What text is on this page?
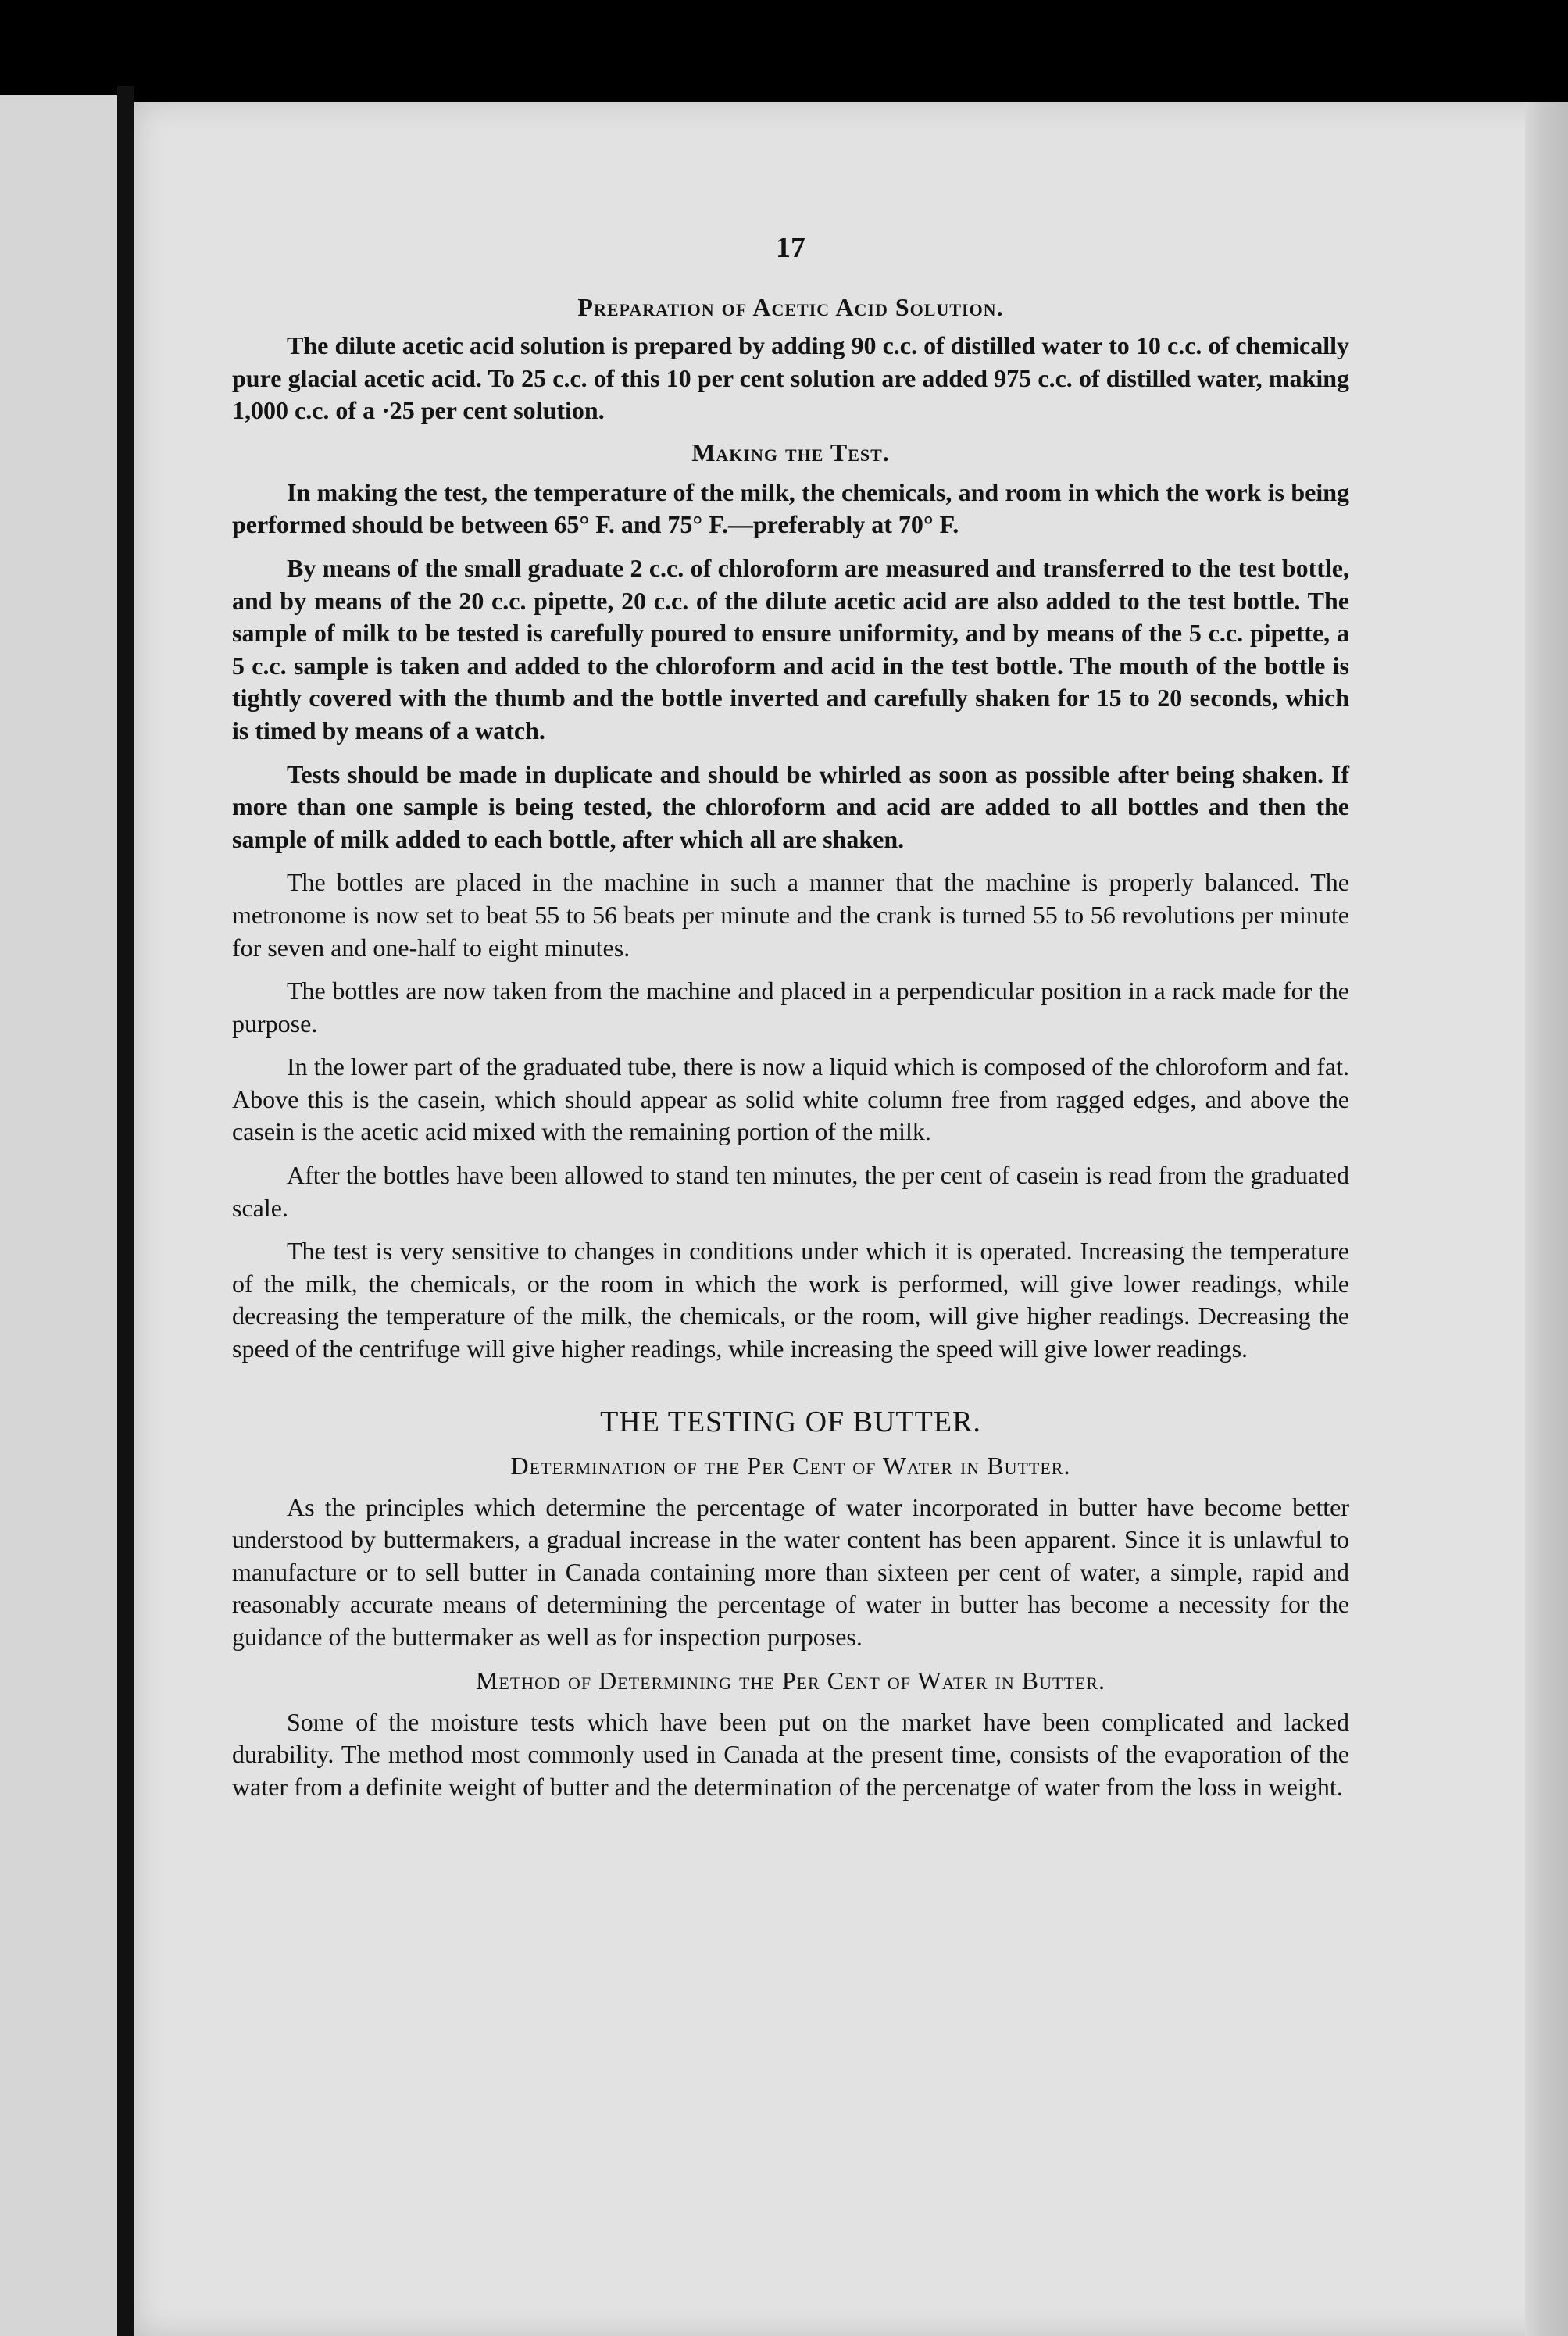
17
Preparation of Acetic Acid Solution.

The dilute acetic acid solution is prepared by adding 90 c.c. of distilled water to 10 c.c. of chemically pure glacial acetic acid. To 25 c.c. of this 10 per cent solution are added 975 c.c. of distilled water, making 1,000 c.c. of a ·25 per cent solution.

Making the Test.

In making the test, the temperature of the milk, the chemicals, and room in which the work is being performed should be between 65° F. and 75° F.—preferably at 70° F.

By means of the small graduate 2 c.c. of chloroform are measured and transferred to the test bottle, and by means of the 20 c.c. pipette, 20 c.c. of the dilute acetic acid are also added to the test bottle. The sample of milk to be tested is carefully poured to ensure uniformity, and by means of the 5 c.c. pipette, a 5 c.c. sample is taken and added to the chloroform and acid in the test bottle. The mouth of the bottle is tightly covered with the thumb and the bottle inverted and carefully shaken for 15 to 20 seconds, which is timed by means of a watch.

Tests should be made in duplicate and should be whirled as soon as possible after being shaken. If more than one sample is being tested, the chloroform and acid are added to all bottles and then the sample of milk added to each bottle, after which all are shaken.

The bottles are placed in the machine in such a manner that the machine is properly balanced. The metronome is now set to beat 55 to 56 beats per minute and the crank is turned 55 to 56 revolutions per minute for seven and one-half to eight minutes.

The bottles are now taken from the machine and placed in a perpendicular position in a rack made for the purpose.

In the lower part of the graduated tube, there is now a liquid which is composed of the chloroform and fat. Above this is the casein, which should appear as solid white column free from ragged edges, and above the casein is the acetic acid mixed with the remaining portion of the milk.

After the bottles have been allowed to stand ten minutes, the per cent of casein is read from the graduated scale.

The test is very sensitive to changes in conditions under which it is operated. Increasing the temperature of the milk, the chemicals, or the room in which the work is performed, will give lower readings, while decreasing the temperature of the milk, the chemicals, or the room, will give higher readings. Decreasing the speed of the centrifuge will give higher readings, while increasing the speed will give lower readings.

THE TESTING OF BUTTER.
Determination of the Per Cent of Water in Butter.

As the principles which determine the percentage of water incorporated in butter have become better understood by buttermakers, a gradual increase in the water content has been apparent. Since it is unlawful to manufacture or to sell butter in Canada containing more than sixteen per cent of water, a simple, rapid and reasonably accurate means of determining the percentage of water in butter has become a necessity for the guidance of the buttermaker as well as for inspection purposes.

Method of Determining the Per Cent of Water in Butter.

Some of the moisture tests which have been put on the market have been complicated and lacked durability. The method most commonly used in Canada at the present time, consists of the evaporation of the water from a definite weight of butter and the determination of the percenatge of water from the loss in weight.
